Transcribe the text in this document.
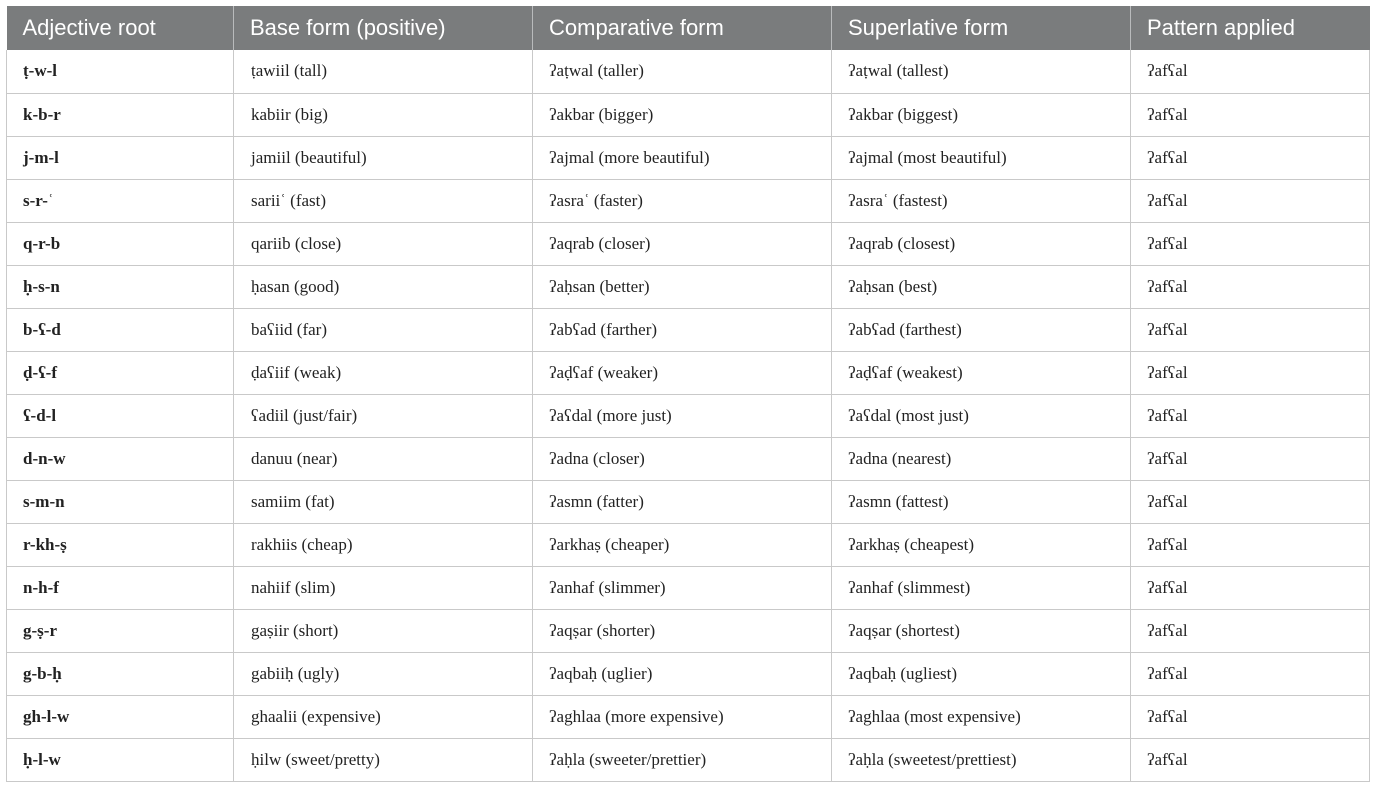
Adjective root	Base form (positive)	Comparative form	Superlative form	Pattern applied
ṭ-w-l	ṭawiil (tall)	ʔaṭwal (taller)	ʔaṭwal (tallest)	ʔafʕal
k-b-r	kabiir (big)	ʔakbar (bigger)	ʔakbar (biggest)	ʔafʕal
j-m-l	jamiil (beautiful)	ʔajmal (more beautiful)	ʔajmal (most beautiful)	ʔafʕal
s-r-ʿ	sariiʿ (fast)	ʔasraʿ (faster)	ʔasraʿ (fastest)	ʔafʕal
q-r-b	qariib (close)	ʔaqrab (closer)	ʔaqrab (closest)	ʔafʕal
ḥ-s-n	ḥasan (good)	ʔaḥsan (better)	ʔaḥsan (best)	ʔafʕal
b-ʕ-d	baʕiid (far)	ʔabʕad (farther)	ʔabʕad (farthest)	ʔafʕal
ḍ-ʕ-f	ḍaʕiif (weak)	ʔaḍʕaf (weaker)	ʔaḍʕaf (weakest)	ʔafʕal
ʕ-d-l	ʕadiil (just/fair)	ʔaʕdal (more just)	ʔaʕdal (most just)	ʔafʕal
d-n-w	danuu (near)	ʔadna (closer)	ʔadna (nearest)	ʔafʕal
s-m-n	samiim (fat)	ʔasmn (fatter)	ʔasmn (fattest)	ʔafʕal
r-kh-ṣ	rakhiis (cheap)	ʔarkhaṣ (cheaper)	ʔarkhaṣ (cheapest)	ʔafʕal
n-h-f	nahiif (slim)	ʔanhaf (slimmer)	ʔanhaf (slimmest)	ʔafʕal
g-ṣ-r	gaṣiir (short)	ʔaqṣar (shorter)	ʔaqṣar (shortest)	ʔafʕal
g-b-ḥ	gabiiḥ (ugly)	ʔaqbaḥ (uglier)	ʔaqbaḥ (ugliest)	ʔafʕal
gh-l-w	ghaalii (expensive)	ʔaghlaa (more expensive)	ʔaghlaa (most expensive)	ʔafʕal
ḥ-l-w	ḥilw (sweet/pretty)	ʔaḥla (sweeter/prettier)	ʔaḥla (sweetest/prettiest)	ʔafʕal
